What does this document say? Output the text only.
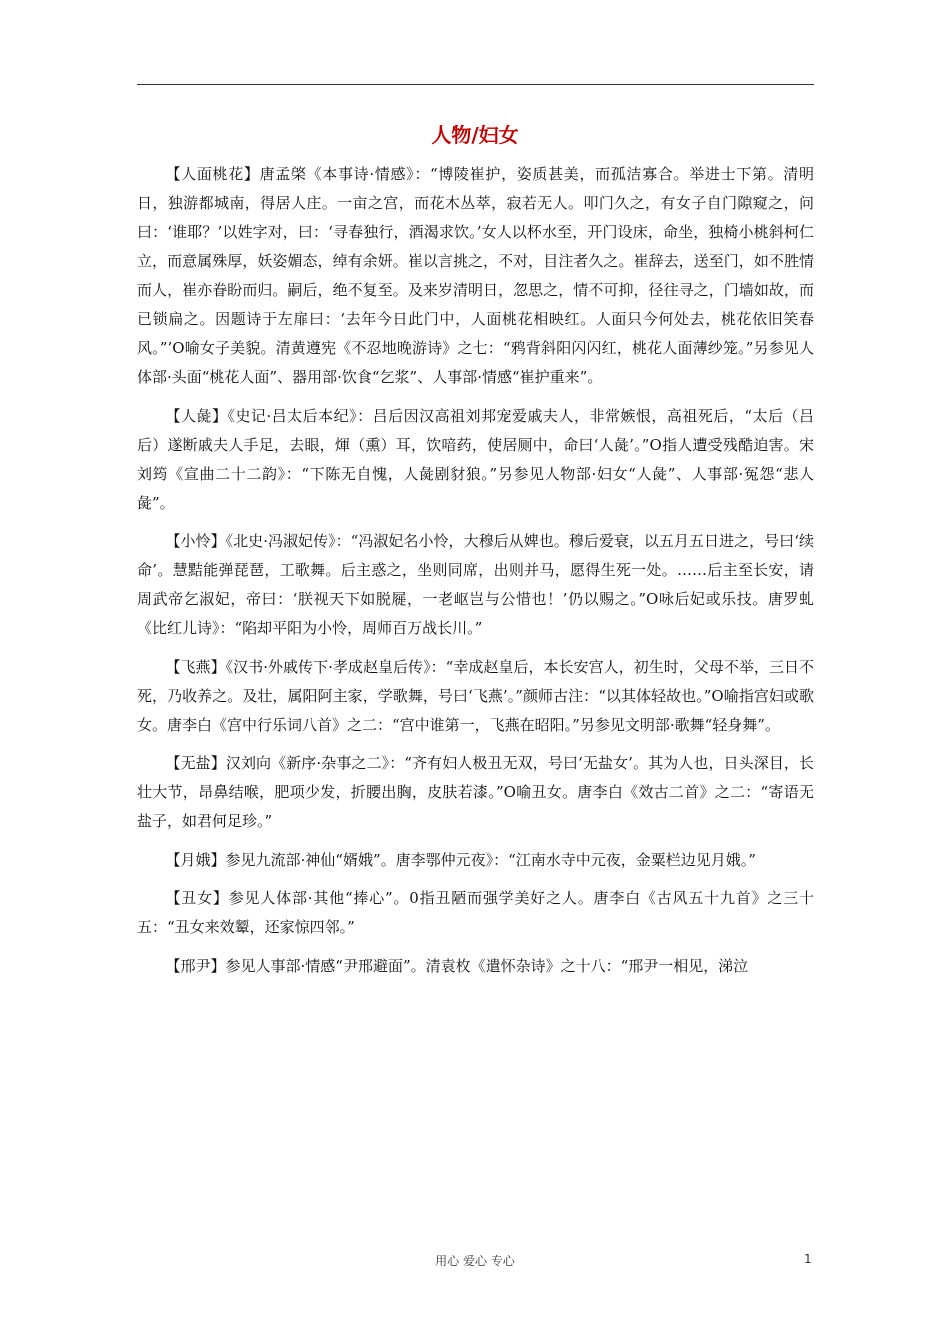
人物/妇女

【人面桃花】唐孟棨《本事诗·情感》：“博陵崔护，姿质甚美，而孤洁寡合。举进士下第。清明日，独游都城南，得居人庄。一亩之宫，而花木丛萃，寂若无人。叩门久之，有女子自门隙窥之，问曰：‘谁耶？’以姓字对，曰：‘寻春独行，酒渴求饮。’女人以杯水至，开门设床，命坐，独椅小桃斜柯仁立，而意属殊厚，妖姿媚态，绰有余妍。崔以言挑之，不对，目注者久之。崔辞去，送至门，如不胜情而人，崔亦眷盼而归。嗣后，绝不复至。及来岁清明日，忽思之，情不可抑，径往寻之，门墙如故，而已锁扁之。因题诗于左扉曰：‘去年今日此门中，人面桃花相映红。人面只今何处去，桃花依旧笑春风。”’O喻女子美貌。清黄遵宪《不忍地晚游诗》之七：“鸦背斜阳闪闪红，桃花人面薄纱笼。”另参见人体部·头面“桃花人面”、器用部·饮食“乞浆”、人事部·情感“崔护重来”。

【人彘】《史记·吕太后本纪》：吕后因汉高祖刘邦宠爱戚夫人，非常嫉恨，高祖死后，“太后（吕后）遂断戚夫人手足，去眼，煇（熏）耳，饮喑药，使居厕中，命曰‘人彘’。”O指人遭受残酷迫害。宋刘筠《宣曲二十二韵》：“下陈无自愧，人彘剧豺狼。”另参见人物部·妇女“人彘”、人事部·冤怨“悲人彘”。

【小怜】《北史·冯淑妃传》：“冯淑妃名小怜，大穆后从婢也。穆后爱衰，以五月五日进之，号曰‘续命’。慧黠能弹琵琶，工歌舞。后主惑之，坐则同席，出则并马，愿得生死一处。……后主至长安，请周武帝乞淑妃，帝曰：‘朕视天下如脱屣，一老岖岂与公惜也！’仍以赐之。”O咏后妃或乐技。唐罗虬《比红儿诗》：“陷却平阳为小怜，周师百万战长川。”

【飞燕】《汉书·外戚传下·孝成赵皇后传》：“幸成赵皇后，本长安宫人，初生时，父母不举，三日不死，乃收养之。及壮，属阳阿主家，学歌舞，号曰‘飞燕’。”颜师古注：“以其体轻故也。”O喻指宫妇或歌女。唐李白《宫中行乐词八首》之二：“宫中谁第一，飞燕在昭阳。”另参见文明部·歌舞“轻身舞”。

【无盐】汉刘向《新序·杂事之二》：“齐有妇人极丑无双，号曰‘无盐女’。其为人也，日头深目，长壮大节，昂鼻结喉，肥项少发，折腰出胸，皮肤若漆。”O喻丑女。唐李白《效古二首》之二：“寄语无盐子，如君何足珍。”

【月娥】参见九流部·神仙“婿娥”。唐李鄂仲元夜》：“江南水寺中元夜，金粟栏边见月娥。”

【丑女】参见人体部·其他“捧心”。0指丑陋而强学美好之人。唐李白《古风五十九首》之三十五：“丑女来效颦，还家惊四邻。”

【邢尹】参见人事部·情感“尹邢避面”。清袁枚《遣怀杂诗》之十八：“邢尹一相见，涕泣

用心 爱心 专心	1
